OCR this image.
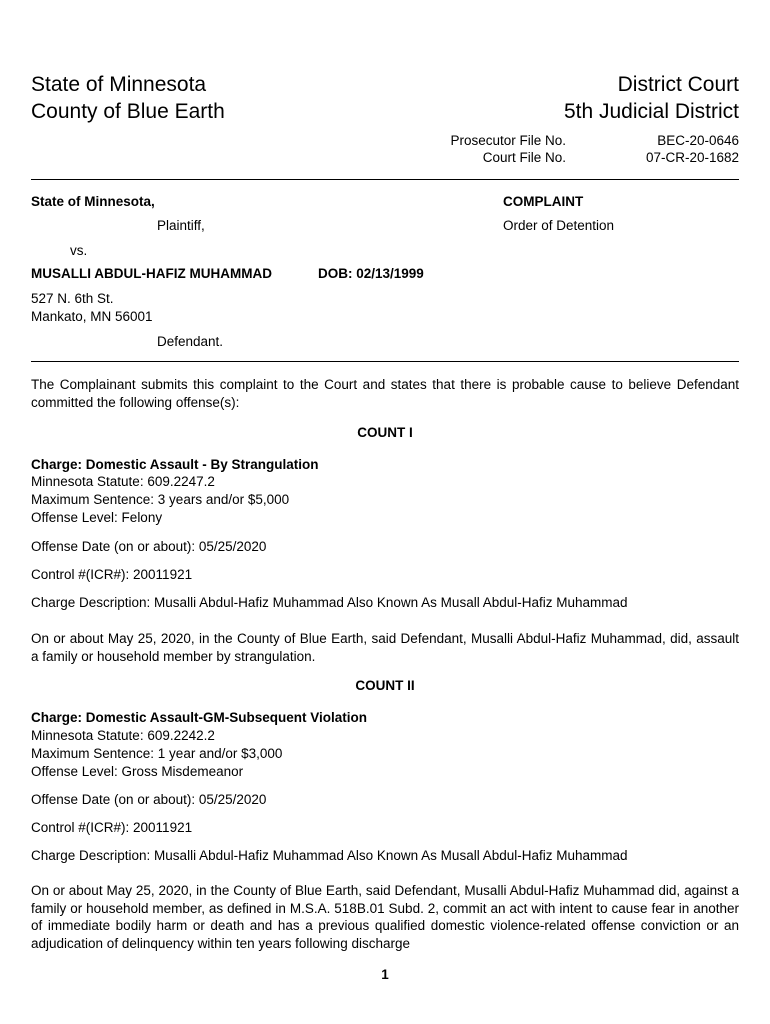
State of Minnesota
County of Blue Earth
District Court
5th Judicial District
Prosecutor File No.	BEC-20-0646
Court File No.	07-CR-20-1682
State of Minnesota,
Plaintiff,
vs.
MUSALLI ABDUL-HAFIZ MUHAMMAD	DOB: 02/13/1999
527 N. 6th St.
Mankato, MN 56001
Defendant.
COMPLAINT
Order of Detention
The Complainant submits this complaint to the Court and states that there is probable cause to believe Defendant committed the following offense(s):
COUNT I
Charge: Domestic Assault - By Strangulation
Minnesota Statute: 609.2247.2
Maximum Sentence: 3 years and/or $5,000
Offense Level: Felony
Offense Date (on or about): 05/25/2020
Control #(ICR#): 20011921
Charge Description: Musalli Abdul-Hafiz Muhammad Also Known As Musall Abdul-Hafiz Muhammad
On or about May 25, 2020, in the County of Blue Earth, said Defendant, Musalli Abdul-Hafiz Muhammad, did, assault a family or household member by strangulation.
COUNT II
Charge: Domestic Assault-GM-Subsequent Violation
Minnesota Statute: 609.2242.2
Maximum Sentence: 1 year and/or $3,000
Offense Level: Gross Misdemeanor
Offense Date (on or about): 05/25/2020
Control #(ICR#): 20011921
Charge Description: Musalli Abdul-Hafiz Muhammad Also Known As Musall Abdul-Hafiz Muhammad
On or about May 25, 2020, in the County of Blue Earth, said Defendant, Musalli Abdul-Hafiz Muhammad did, against a family or household member, as defined in M.S.A. 518B.01 Subd. 2, commit an act with intent to cause fear in another of immediate bodily harm or death and has a previous qualified domestic violence-related offense conviction or an adjudication of delinquency within ten years following discharge
1
